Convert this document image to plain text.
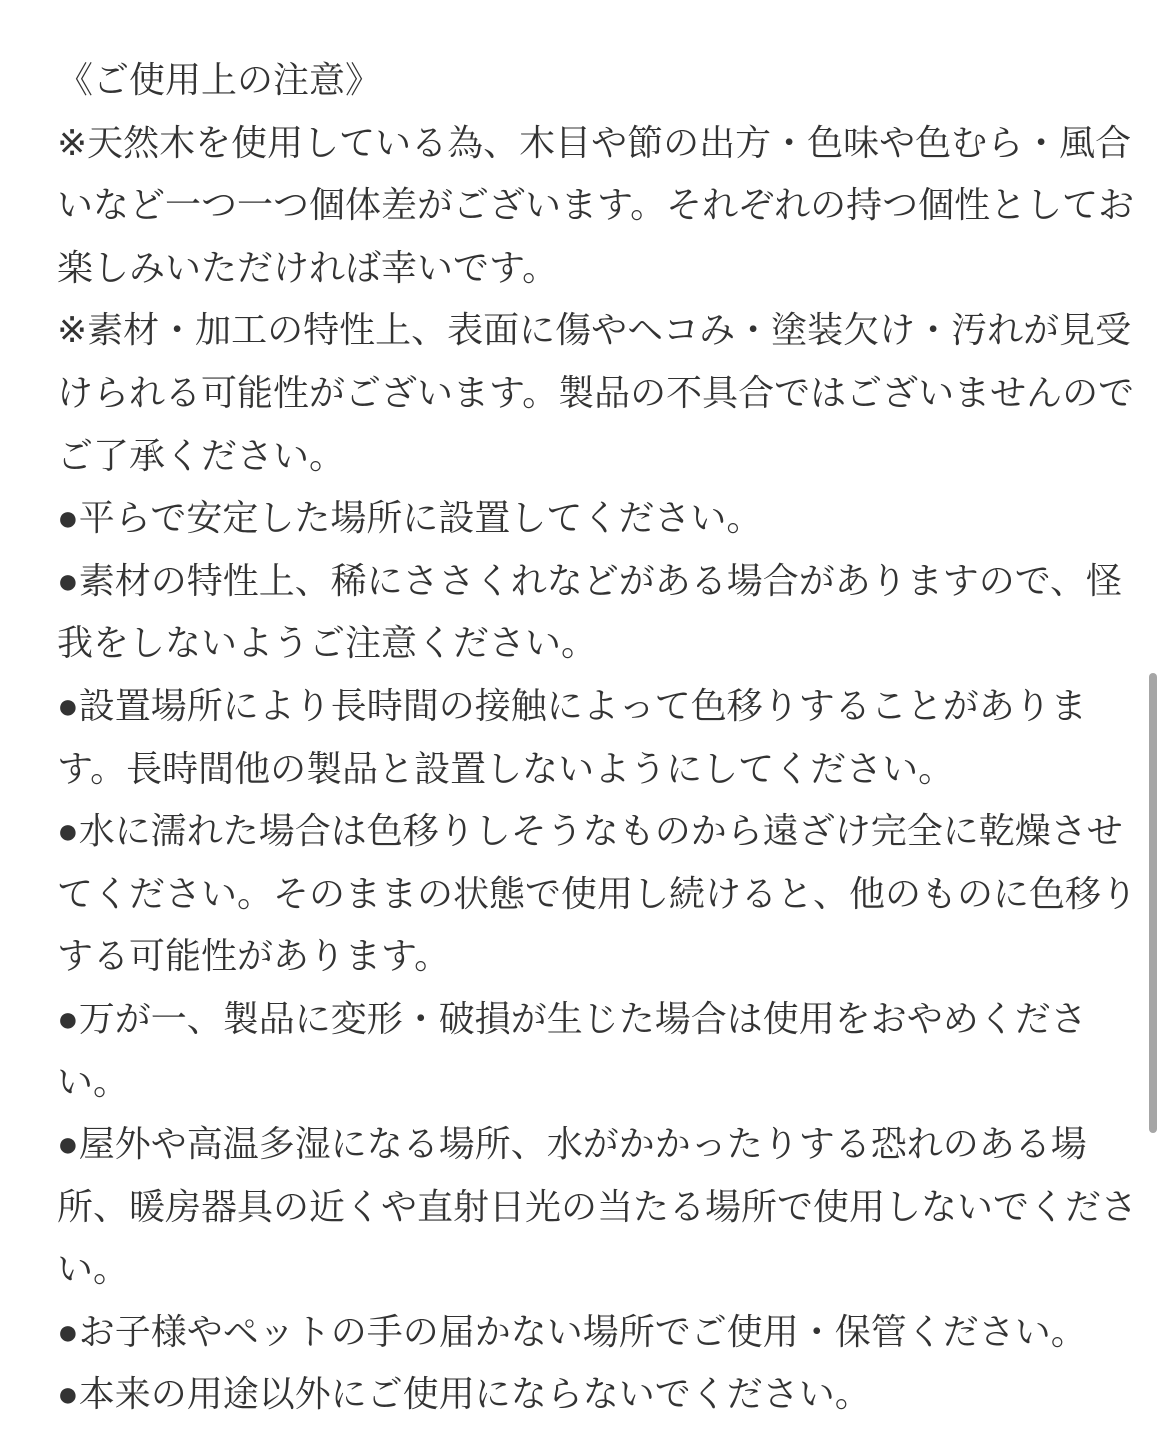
《ご使用上の注意》
※天然木を使用している為、木目や節の出方・色味や色むら・風合
いなど一つ一つ個体差がございます。それぞれの持つ個性としてお
楽しみいただければ幸いです。
※素材・加工の特性上、表面に傷やヘコみ・塗装欠け・汚れが見受
けられる可能性がございます。製品の不具合ではございませんので
ご了承ください。
●平らで安定した場所に設置してください。
●素材の特性上、稀にささくれなどがある場合がありますので、怪
我をしないようご注意ください。
●設置場所により長時間の接触によって色移りすることがありま
す。長時間他の製品と設置しないようにしてください。
●水に濡れた場合は色移りしそうなものから遠ざけ完全に乾燥させ
てください。そのままの状態で使用し続けると、他のものに色移り
する可能性があります。
●万が一、製品に変形・破損が生じた場合は使用をおやめくださ
い。
●屋外や高温多湿になる場所、水がかかったりする恐れのある場
所、暖房器具の近くや直射日光の当たる場所で使用しないでくださ
い。
●お子様やペットの手の届かない場所でご使用・保管ください。
●本来の用途以外にご使用にならないでください。
